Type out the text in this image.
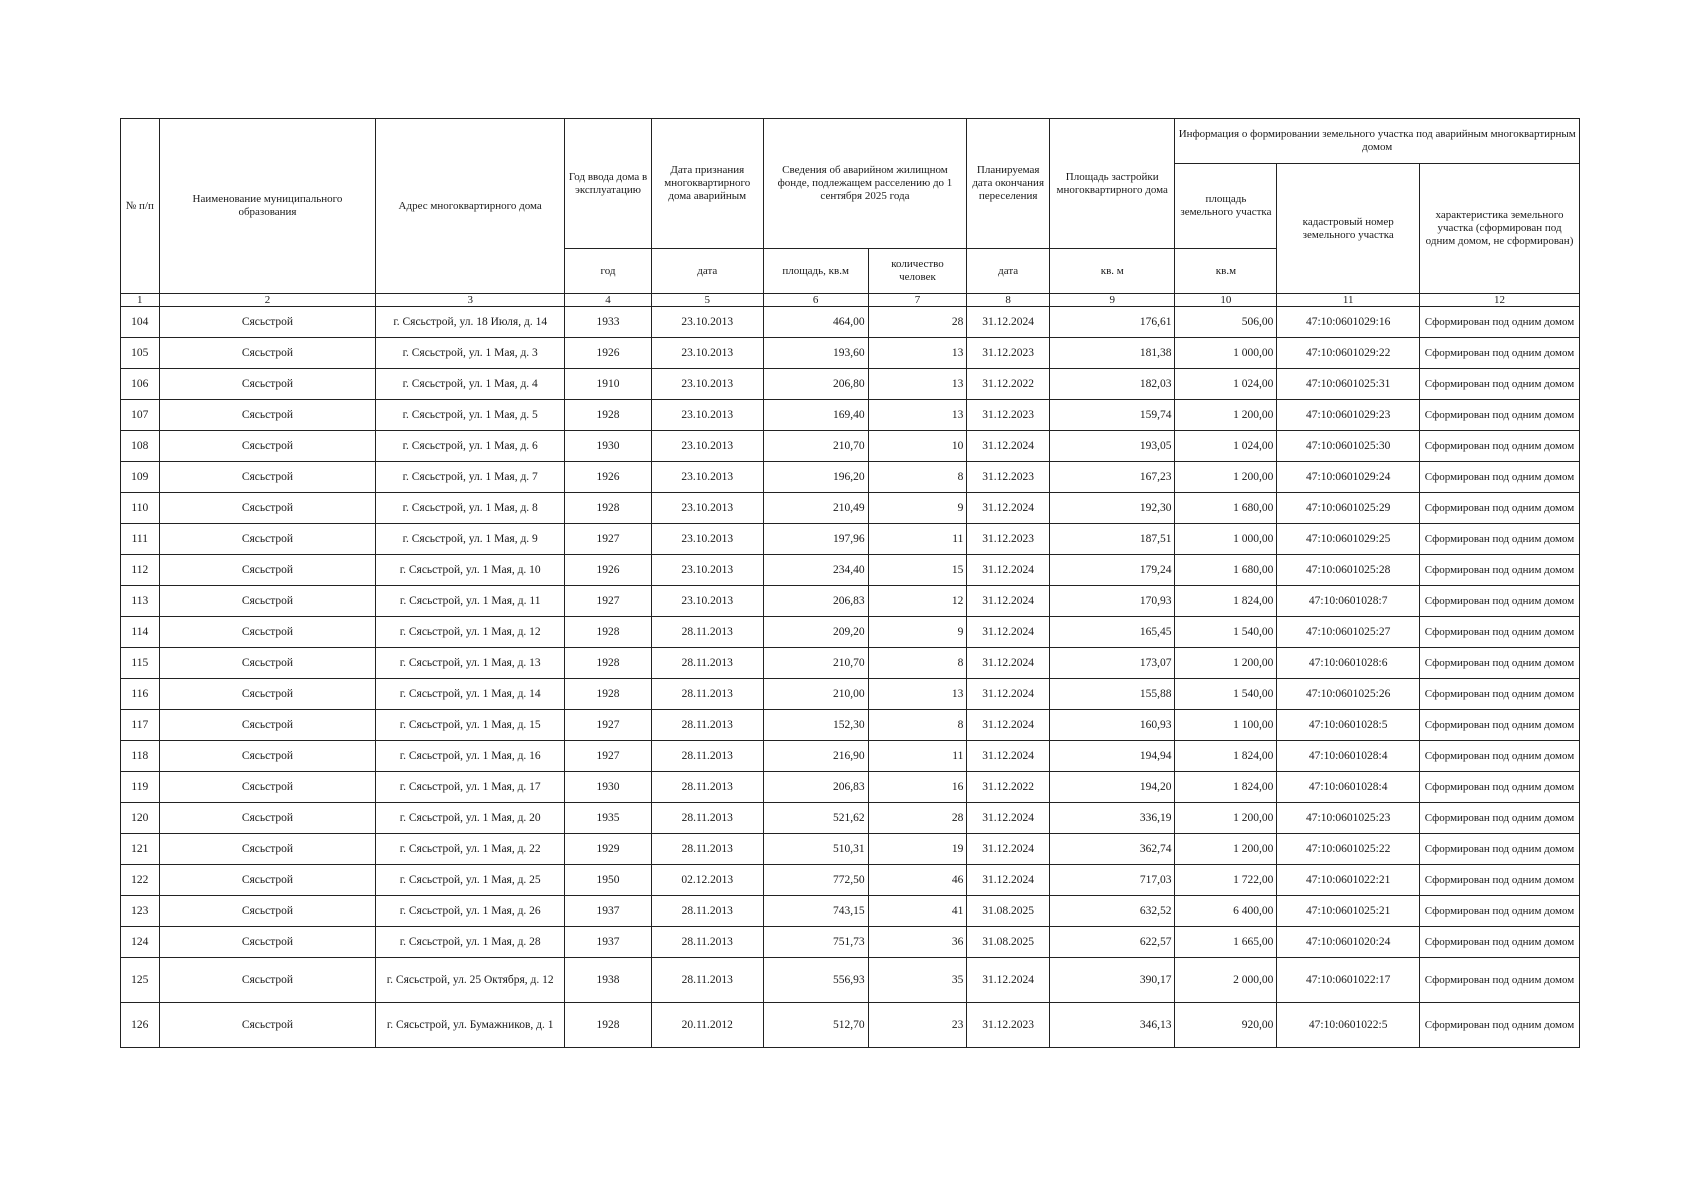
№ п/п	Наименование муниципального образования	Адрес многоквартирного дома	Год ввода дома в эксплуатацию	Дата признания многоквартирного дома аварийным	Сведения об аварийном жилищном фонде, подлежащем расселению до 1 сентября 2025 года		Планируемая дата окончания переселения	Площадь застройки многоквартирного дома	Информация о формировании земельного участка под аварийным многоквартирным домом		
									площадь земельного участка	кадастровый номер земельного участка	характеристика земельного участка (сформирован под одним домом, не сформирован)
			год	дата	площадь, кв.м	количество человек	дата	кв. м	кв.м		
1	2	3	4	5	6	7	8	9	10	11	12
104	Сясьстрой	г. Сясьстрой, ул. 18 Июля, д. 14	1933	23.10.2013	464,00	28	31.12.2024	176,61	506,00	47:10:0601029:16	Сформирован под одним домом
105	Сясьстрой	г. Сясьстрой, ул. 1 Мая, д. 3	1926	23.10.2013	193,60	13	31.12.2023	181,38	1 000,00	47:10:0601029:22	Сформирован под одним домом
106	Сясьстрой	г. Сясьстрой, ул. 1 Мая, д. 4	1910	23.10.2013	206,80	13	31.12.2022	182,03	1 024,00	47:10:0601025:31	Сформирован под одним домом
107	Сясьстрой	г. Сясьстрой, ул. 1 Мая, д. 5	1928	23.10.2013	169,40	13	31.12.2023	159,74	1 200,00	47:10:0601029:23	Сформирован под одним домом
108	Сясьстрой	г. Сясьстрой, ул. 1 Мая, д. 6	1930	23.10.2013	210,70	10	31.12.2024	193,05	1 024,00	47:10:0601025:30	Сформирован под одним домом
109	Сясьстрой	г. Сясьстрой, ул. 1 Мая, д. 7	1926	23.10.2013	196,20	8	31.12.2023	167,23	1 200,00	47:10:0601029:24	Сформирован под одним домом
110	Сясьстрой	г. Сясьстрой, ул. 1 Мая, д. 8	1928	23.10.2013	210,49	9	31.12.2024	192,30	1 680,00	47:10:0601025:29	Сформирован под одним домом
111	Сясьстрой	г. Сясьстрой, ул. 1 Мая, д. 9	1927	23.10.2013	197,96	11	31.12.2023	187,51	1 000,00	47:10:0601029:25	Сформирован под одним домом
112	Сясьстрой	г. Сясьстрой, ул. 1 Мая, д. 10	1926	23.10.2013	234,40	15	31.12.2024	179,24	1 680,00	47:10:0601025:28	Сформирован под одним домом
113	Сясьстрой	г. Сясьстрой, ул. 1 Мая, д. 11	1927	23.10.2013	206,83	12	31.12.2024	170,93	1 824,00	47:10:0601028:7	Сформирован под одним домом
114	Сясьстрой	г. Сясьстрой, ул. 1 Мая, д. 12	1928	28.11.2013	209,20	9	31.12.2024	165,45	1 540,00	47:10:0601025:27	Сформирован под одним домом
115	Сясьстрой	г. Сясьстрой, ул. 1 Мая, д. 13	1928	28.11.2013	210,70	8	31.12.2024	173,07	1 200,00	47:10:0601028:6	Сформирован под одним домом
116	Сясьстрой	г. Сясьстрой, ул. 1 Мая, д. 14	1928	28.11.2013	210,00	13	31.12.2024	155,88	1 540,00	47:10:0601025:26	Сформирован под одним домом
117	Сясьстрой	г. Сясьстрой, ул. 1 Мая, д. 15	1927	28.11.2013	152,30	8	31.12.2024	160,93	1 100,00	47:10:0601028:5	Сформирован под одним домом
118	Сясьстрой	г. Сясьстрой, ул. 1 Мая, д. 16	1927	28.11.2013	216,90	11	31.12.2024	194,94	1 824,00	47:10:0601028:4	Сформирован под одним домом
119	Сясьстрой	г. Сясьстрой, ул. 1 Мая, д. 17	1930	28.11.2013	206,83	16	31.12.2022	194,20	1 824,00	47:10:0601028:4	Сформирован под одним домом
120	Сясьстрой	г. Сясьстрой, ул. 1 Мая, д. 20	1935	28.11.2013	521,62	28	31.12.2024	336,19	1 200,00	47:10:0601025:23	Сформирован под одним домом
121	Сясьстрой	г. Сясьстрой, ул. 1 Мая, д. 22	1929	28.11.2013	510,31	19	31.12.2024	362,74	1 200,00	47:10:0601025:22	Сформирован под одним домом
122	Сясьстрой	г. Сясьстрой, ул. 1 Мая, д. 25	1950	02.12.2013	772,50	46	31.12.2024	717,03	1 722,00	47:10:0601022:21	Сформирован под одним домом
123	Сясьстрой	г. Сясьстрой, ул. 1 Мая, д. 26	1937	28.11.2013	743,15	41	31.08.2025	632,52	6 400,00	47:10:0601025:21	Сформирован под одним домом
124	Сясьстрой	г. Сясьстрой, ул. 1 Мая, д. 28	1937	28.11.2013	751,73	36	31.08.2025	622,57	1 665,00	47:10:0601020:24	Сформирован под одним домом
125	Сясьстрой	г. Сясьстрой, ул. 25 Октября, д. 12	1938	28.11.2013	556,93	35	31.12.2024	390,17	2 000,00	47:10:0601022:17	Сформирован под одним домом
126	Сясьстрой	г. Сясьстрой, ул. Бумажников, д. 1	1928	20.11.2012	512,70	23	31.12.2023	346,13	920,00	47:10:0601022:5	Сформирован под одним домом
